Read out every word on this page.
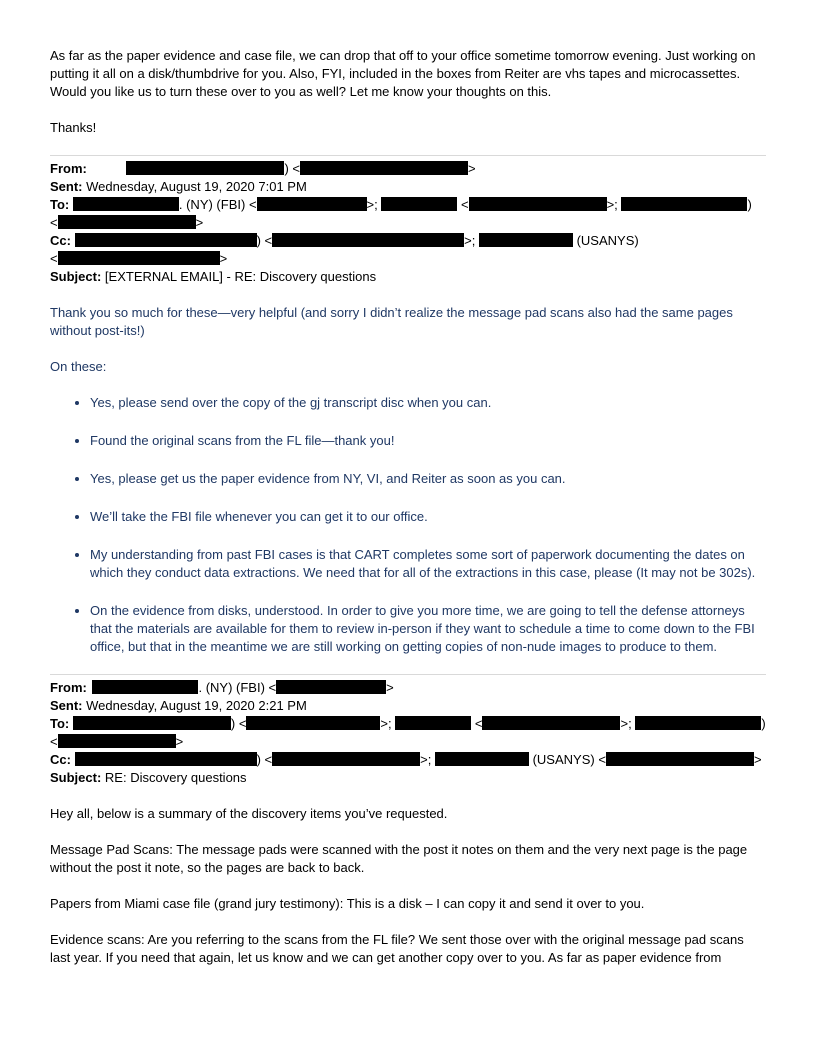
As far as the paper evidence and case file, we can drop that off to your office sometime tomorrow evening. Just working on putting it all on a disk/thumbdrive for you. Also, FYI, included in the boxes from Reiter are vhs tapes and microcassettes. Would you like us to turn these over to you as well? Let me know your thoughts on this.

Thanks!

From:	) <	>
Sent: Wednesday, August 19, 2020 7:01 PM
To:	. (NY) (FBI) <	>;	<	>;	)
<	>
Cc:	) <	>;	(USANYS)
<	>
Subject: [EXTERNAL EMAIL] - RE: Discovery questions

Thank you so much for these—very helpful (and sorry I didn’t realize the message pad scans also had the same pages without post-its!)

On these:

• Yes, please send over the copy of the gj transcript disc when you can.
• Found the original scans from the FL file—thank you!
• Yes, please get us the paper evidence from NY, VI, and Reiter as soon as you can.
• We’ll take the FBI file whenever you can get it to our office.
• My understanding from past FBI cases is that CART completes some sort of paperwork documenting the dates on which they conduct data extractions. We need that for all of the extractions in this case, please (It may not be 302s).
• On the evidence from disks, understood. In order to give you more time, we are going to tell the defense attorneys that the materials are available for them to review in-person if they want to schedule a time to come down to the FBI office, but that in the meantime we are still working on getting copies of non-nude images to produce to them.
From:	. (NY) (FBI) <	>
Sent: Wednesday, August 19, 2020 2:21 PM
To:	) <	>;	<	>;	)
<	>
Cc:	) <	>;	(USANYS) <	>
Subject: RE: Discovery questions

Hey all, below is a summary of the discovery items you’ve requested.

Message Pad Scans: The message pads were scanned with the post it notes on them and the very next page is the page without the post it note, so the pages are back to back.

Papers from Miami case file (grand jury testimony): This is a disk – I can copy it and send it over to you.

Evidence scans: Are you referring to the scans from the FL file? We sent those over with the original message pad scans last year. If you need that again, let us know and we can get another copy over to you. As far as paper evidence from
